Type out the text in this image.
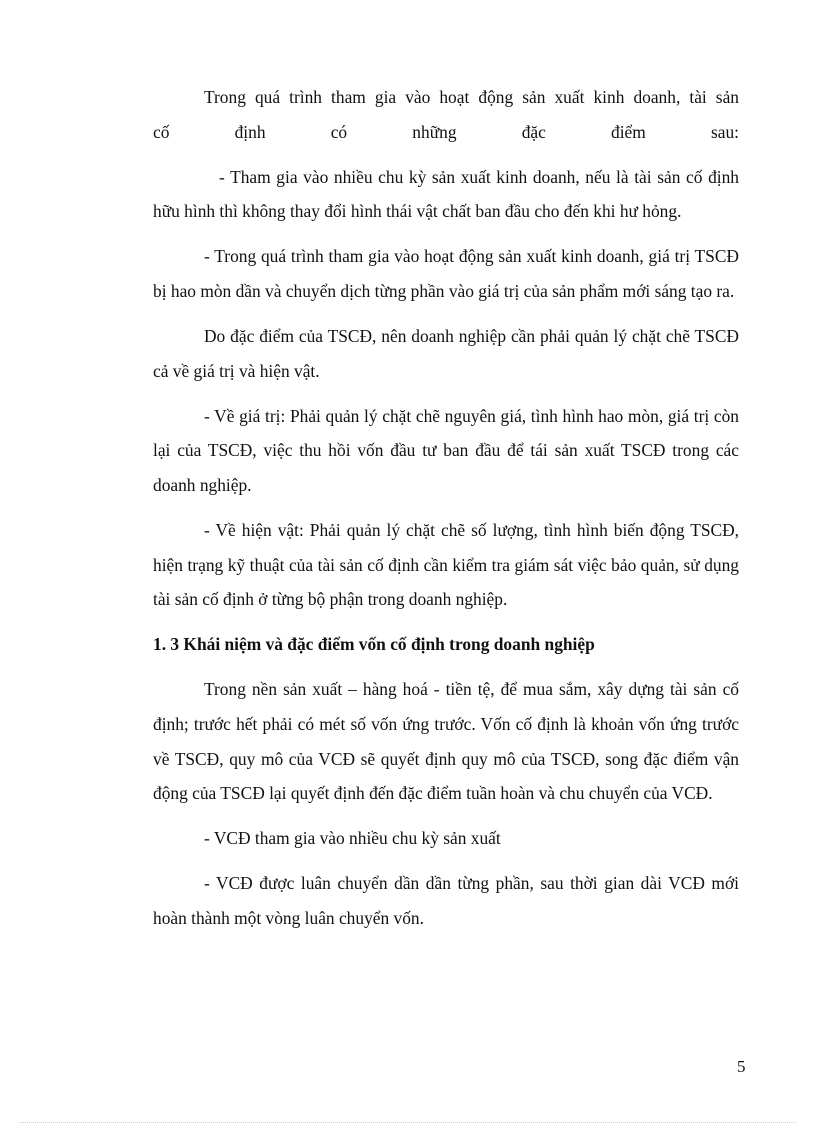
Trong quá trình tham gia vào hoạt động sản xuất kinh doanh, tài sản
cố định có những đặc điểm sau:

- Tham gia vào nhiều chu kỳ sản xuất kinh doanh, nếu là tài sản cố định hữu hình thì không thay đổi hình thái vật chất ban đầu cho đến khi hư hỏng.

- Trong quá trình tham gia vào hoạt động sản xuất kinh doanh, giá trị TSCĐ bị hao mòn dần và chuyển dịch từng phần vào giá trị của sản phẩm mới sáng tạo ra.

Do đặc điểm của TSCĐ, nên doanh nghiệp cần phải quản lý chặt chẽ TSCĐ cả về giá trị và hiện vật.

- Về giá trị: Phải quản lý chặt chẽ nguyên giá, tình hình hao mòn, giá trị còn lại của TSCĐ, việc thu hồi vốn đầu tư ban đầu để tái sản xuất TSCĐ trong các doanh nghiệp.

- Về hiện vật: Phải quản lý chặt chẽ số lượng, tình hình biến động TSCĐ, hiện trạng kỹ thuật của tài sản cố định cần kiểm tra giám sát việc bảo quản, sử dụng tài sản cố định ở từng bộ phận trong doanh nghiệp.

1. 3 Khái niệm và đặc điểm vốn cố định trong doanh nghiệp

Trong nền sản xuất – hàng hoá - tiền tệ, để mua sắm, xây dựng tài sản cố định; trước hết phải có mét số vốn ứng trước. Vốn cố định là khoản vốn ứng trước về TSCĐ, quy mô của VCĐ sẽ quyết định quy mô của TSCĐ, song đặc điểm vận động của TSCĐ lại quyết định đến đặc điểm tuần hoàn và chu chuyển của VCĐ.

- VCĐ tham gia vào nhiều chu kỳ sản xuất

- VCĐ được luân chuyển dần dần từng phần, sau thời gian dài VCĐ mới hoàn thành một vòng luân chuyển vốn.

5
